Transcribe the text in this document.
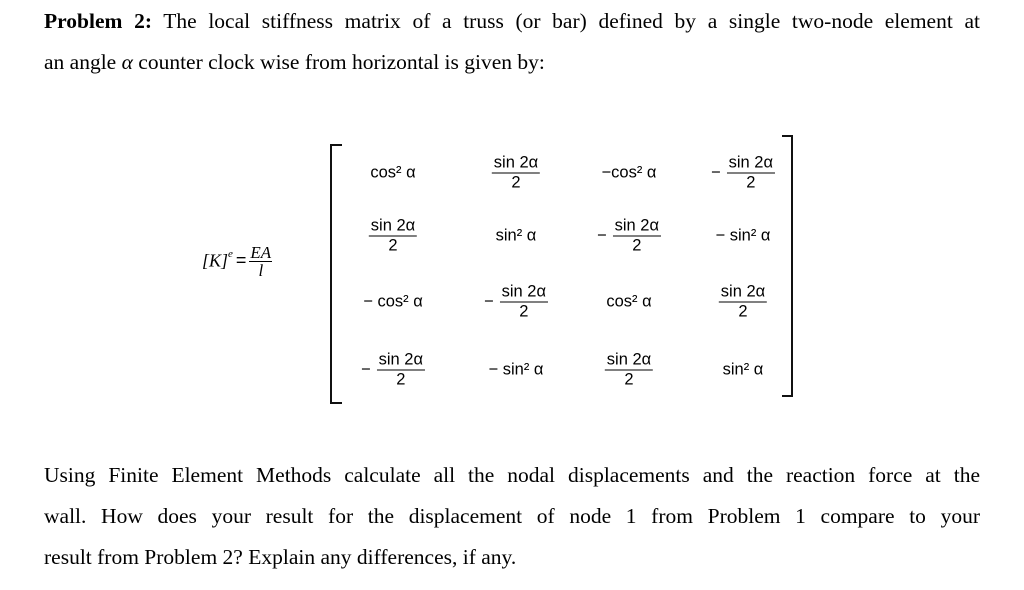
Problem 2: The local stiffness matrix of a truss (or bar) defined by a single two-node element at
an angle α counter clock wise from horizontal is given by:
$[K]^e = \frac{EA}{l}$
cos² α	$\frac{\sin 2\alpha}{2}$	−cos² α	− $\frac{\sin 2\alpha}{2}$
$\frac{\sin 2\alpha}{2}$	sin² α	− $\frac{\sin 2\alpha}{2}$	− sin² α
− cos² α	− $\frac{\sin 2\alpha}{2}$	cos² α	$\frac{\sin 2\alpha}{2}$
− $\frac{\sin 2\alpha}{2}$	− sin² α	$\frac{\sin 2\alpha}{2}$	sin² α
Using Finite Element Methods calculate all the nodal displacements and the reaction force at the
wall. How does your result for the displacement of node 1 from Problem 1 compare to your
result from Problem 2? Explain any differences, if any.
